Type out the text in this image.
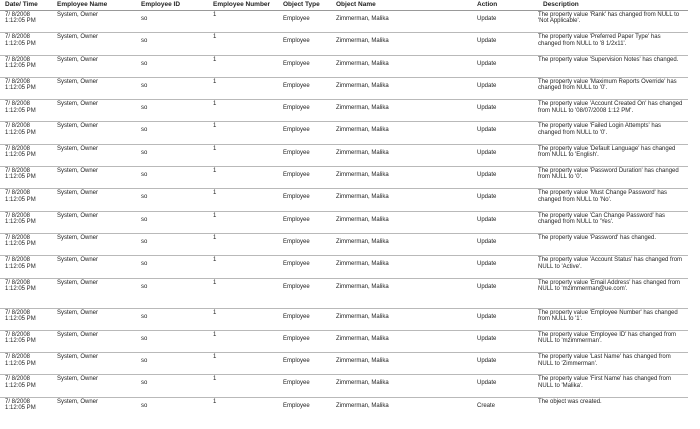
Date/ Time	Employee Name	Employee ID	Employee Number	Object Type	Object Name	Action	Description

7/ 8/2008
1:12:05 PM	System, Owner	so	1	Employee	Zimmerman, Malika	Update	The property value 'Rank' has changed from NULL to 'Not Applicable'.

7/ 8/2008
1:12:05 PM	System, Owner	so	1	Employee	Zimmerman, Malika	Update	The property value 'Preferred Paper Type' has changed from NULL to '8 1/2x11'.

7/ 8/2008
1:12:05 PM	System, Owner	so	1	Employee	Zimmerman, Malika	Update	The property value 'Supervision Notes' has changed.

7/ 8/2008
1:12:05 PM	System, Owner	so	1	Employee	Zimmerman, Malika	Update	The property value 'Maximum Reports Override' has changed from NULL to '0'.

7/ 8/2008
1:12:05 PM	System, Owner	so	1	Employee	Zimmerman, Malika	Update	The property value 'Account Created On' has changed from NULL to '08/07/2008 1:12 PM'.

7/ 8/2008
1:12:05 PM	System, Owner	so	1	Employee	Zimmerman, Malika	Update	The property value 'Failed Login Attempts' has changed from NULL to '0'.

7/ 8/2008
1:12:05 PM	System, Owner	so	1	Employee	Zimmerman, Malika	Update	The property value 'Default Language' has changed from NULL to 'English'.

7/ 8/2008
1:12:05 PM	System, Owner	so	1	Employee	Zimmerman, Malika	Update	The property value 'Password Duration' has changed from NULL to '0'.

7/ 8/2008
1:12:05 PM	System, Owner	so	1	Employee	Zimmerman, Malika	Update	The property value 'Must Change Password' has changed from NULL to 'No'.

7/ 8/2008
1:12:05 PM	System, Owner	so	1	Employee	Zimmerman, Malika	Update	The property value 'Can Change Password' has changed from NULL to 'Yes'.

7/ 8/2008
1:12:05 PM	System, Owner	so	1	Employee	Zimmerman, Malika	Update	The property value 'Password' has changed.

7/ 8/2008
1:12:05 PM	System, Owner	so	1	Employee	Zimmerman, Malika	Update	The property value 'Account Status' has changed from NULL to 'Active'.

7/ 8/2008
1:12:05 PM	System, Owner	so	1	Employee	Zimmerman, Malika	Update	The property value 'Email Address' has changed from NULL to 'mzimmerman@ue.com'.

7/ 8/2008
1:12:05 PM	System, Owner	so	1	Employee	Zimmerman, Malika	Update	The property value 'Employee Number' has changed from NULL to '1'.

7/ 8/2008
1:12:05 PM	System, Owner	so	1	Employee	Zimmerman, Malika	Update	The property value 'Employee ID' has changed from NULL to 'mzimmerman'.

7/ 8/2008
1:12:05 PM	System, Owner	so	1	Employee	Zimmerman, Malika	Update	The property value 'Last Name' has changed from NULL to 'Zimmerman'.

7/ 8/2008
1:12:05 PM	System, Owner	so	1	Employee	Zimmerman, Malika	Update	The property value 'First Name' has changed from NULL to 'Malika'.

7/ 8/2008
1:12:05 PM	System, Owner	so	1	Employee	Zimmerman, Malika	Create	The object was created.
